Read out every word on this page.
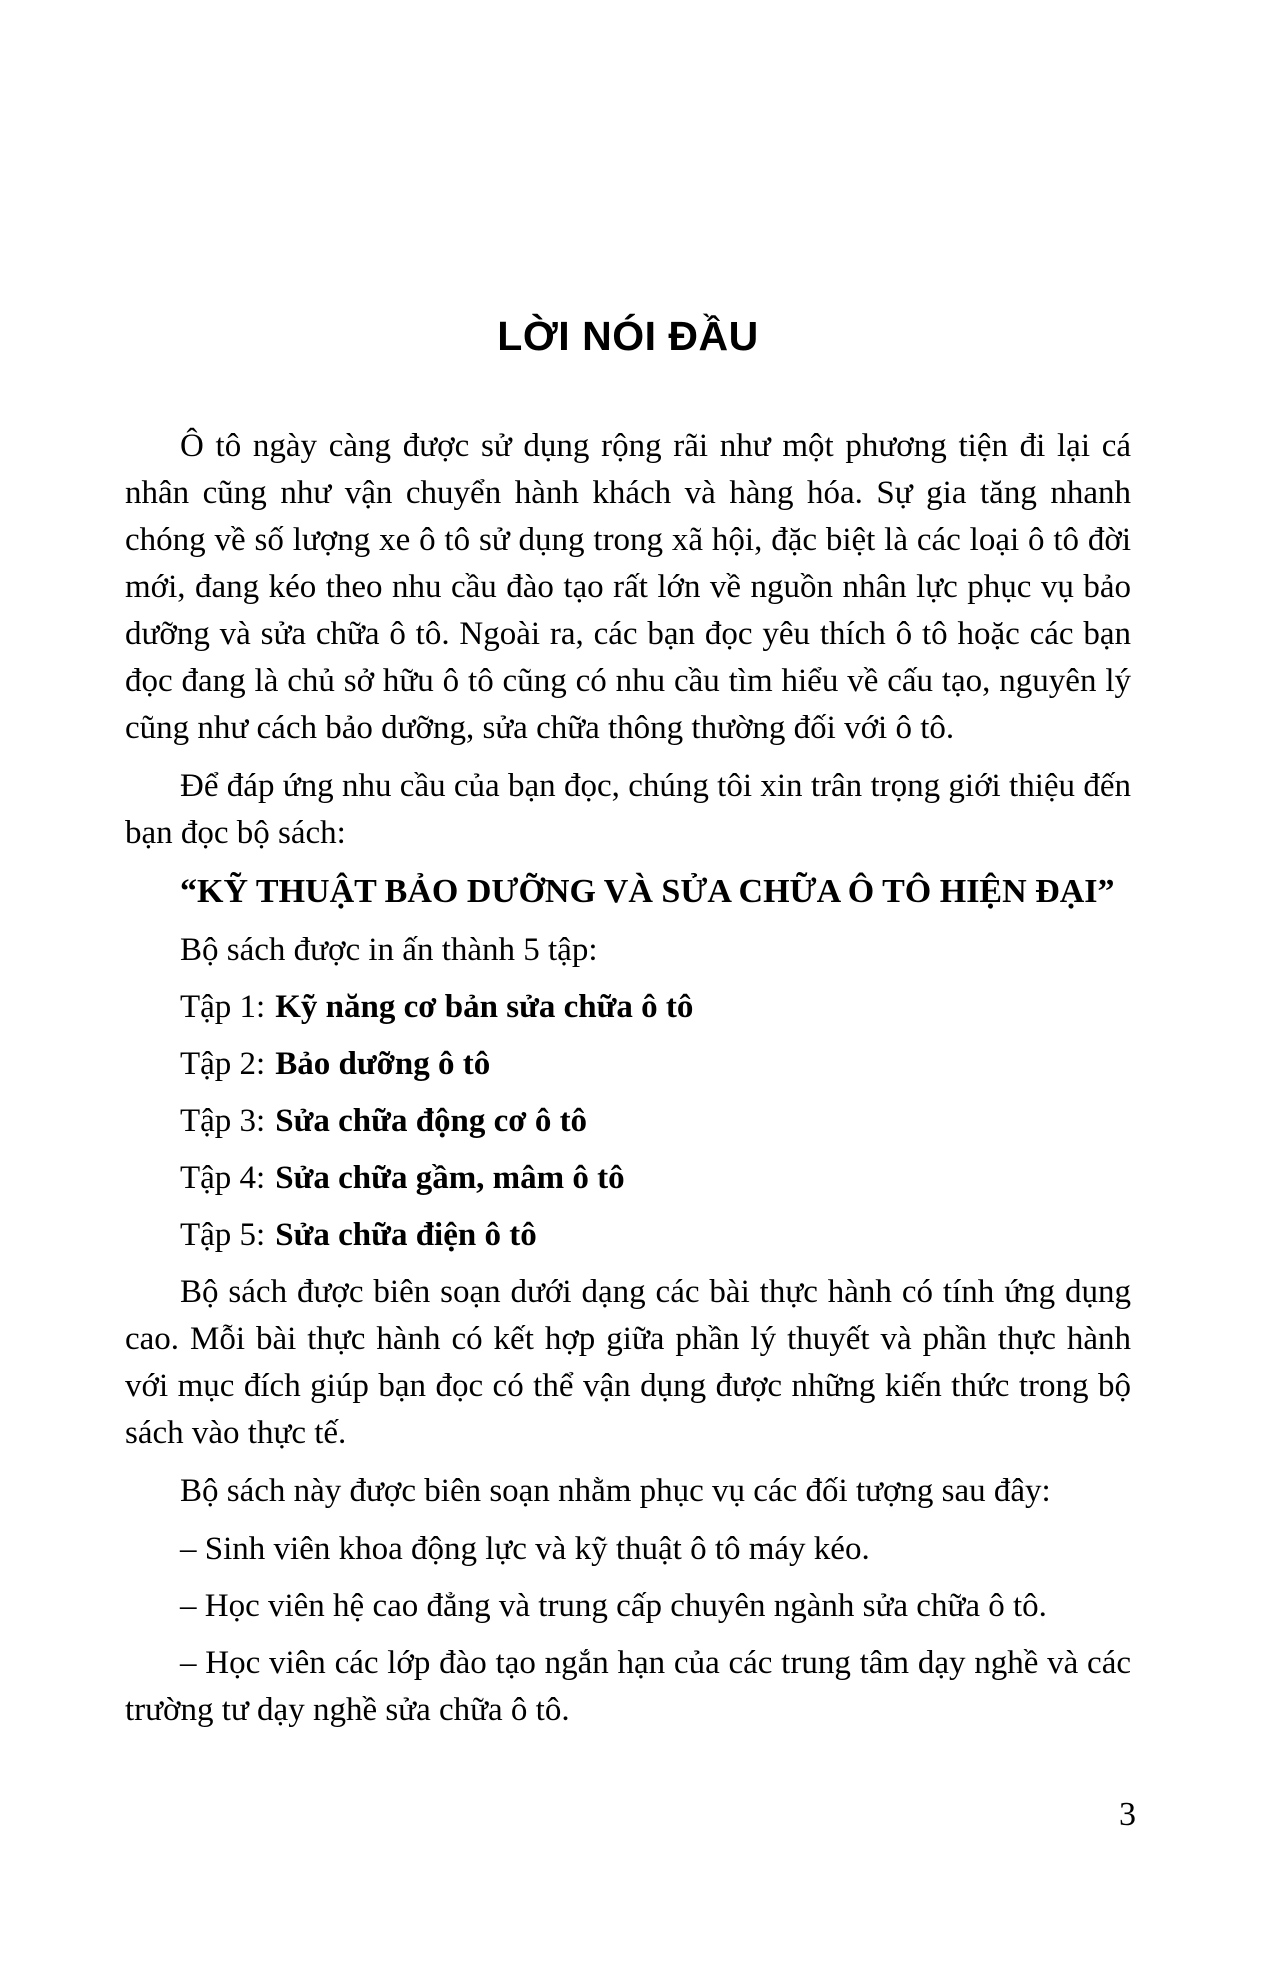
LỜI NÓI ĐẦU

Ô tô ngày càng được sử dụng rộng rãi như một phương tiện đi lại cá nhân cũng như vận chuyển hành khách và hàng hóa. Sự gia tăng nhanh chóng về số lượng xe ô tô sử dụng trong xã hội, đặc biệt là các loại ô tô đời mới, đang kéo theo nhu cầu đào tạo rất lớn về nguồn nhân lực phục vụ bảo dưỡng và sửa chữa ô tô. Ngoài ra, các bạn đọc yêu thích ô tô hoặc các bạn đọc đang là chủ sở hữu ô tô cũng có nhu cầu tìm hiểu về cấu tạo, nguyên lý cũng như cách bảo dưỡng, sửa chữa thông thường đối với ô tô.

Để đáp ứng nhu cầu của bạn đọc, chúng tôi xin trân trọng giới thiệu đến bạn đọc bộ sách:

“KỸ THUẬT BẢO DƯỠNG VÀ SỬA CHỮA Ô TÔ HIỆN ĐẠI”

Bộ sách được in ấn thành 5 tập:

Tập 1: Kỹ năng cơ bản sửa chữa ô tô

Tập 2: Bảo dưỡng ô tô

Tập 3: Sửa chữa động cơ ô tô

Tập 4: Sửa chữa gầm, mâm ô tô

Tập 5: Sửa chữa điện ô tô

Bộ sách được biên soạn dưới dạng các bài thực hành có tính ứng dụng cao. Mỗi bài thực hành có kết hợp giữa phần lý thuyết và phần thực hành với mục đích giúp bạn đọc có thể vận dụng được những kiến thức trong bộ sách vào thực tế.

Bộ sách này được biên soạn nhằm phục vụ các đối tượng sau đây:

– Sinh viên khoa động lực và kỹ thuật ô tô máy kéo.

– Học viên hệ cao đẳng và trung cấp chuyên ngành sửa chữa ô tô.

– Học viên các lớp đào tạo ngắn hạn của các trung tâm dạy nghề và các trường tư dạy nghề sửa chữa ô tô.

3
